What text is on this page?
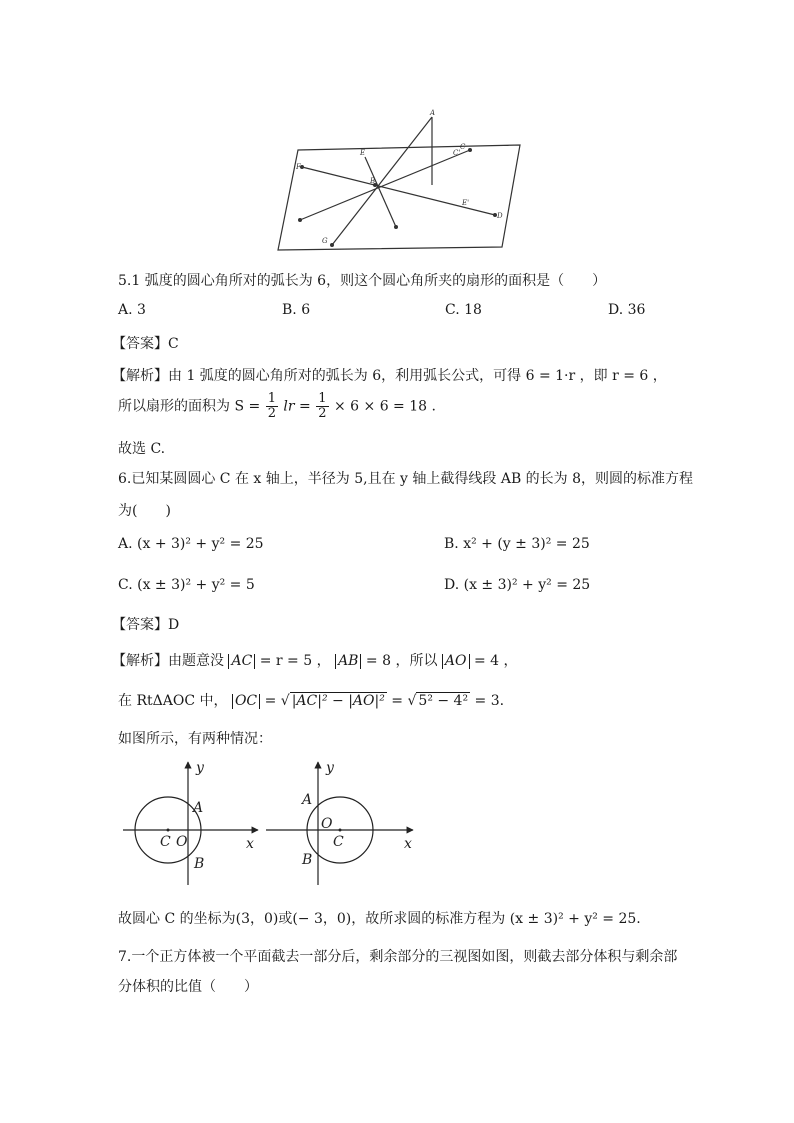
A
E
C
F
D
G
B
E'
C'
5.1 弧度的圆心角所对的弧长为 6，则这个圆心角所夹的扇形的面积是（　　）
A. 3	B. 6	C. 18	D. 36
【答案】C
【解析】由 1 弧度的圆心角所对的弧长为 6，利用弧长公式，可得 6 = 1·r ，即 r = 6 ，
所以扇形的面积为 $S = \frac{1}{2}$ lr = $\frac{1}{2} \times 6 \times 6 = 18$ .
故选 C.
6.已知某圆圆心 C 在 x 轴上，半径为 5,且在 y 轴上截得线段 AB 的长为 8，则圆的标准方程
为(　　)
A. (x + 3)² + y² = 25	B. x² + (y ± 3)² = 25
C. (x ± 3)² + y² = 5	D. (x ± 3)² + y² = 25
【答案】D
【解析】由题意没 AC = r = 5 ， AB = 8 ，所以 AO = 4 ，
在 RtΔAOC 中， OC = √ |AC|² − |AO|² = √ 5² − 4² = 3.
如图所示，有两种情况：
y
A
C O	x
B
y
A
O
C	x
B
故圆心 C 的坐标为(3，0)或(− 3，0)，故所求圆的标准方程为 (x ± 3)² + y² = 25.
7.一个正方体被一个平面截去一部分后，剩余部分的三视图如图，则截去部分体积与剩余部
分体积的比值（　　）
